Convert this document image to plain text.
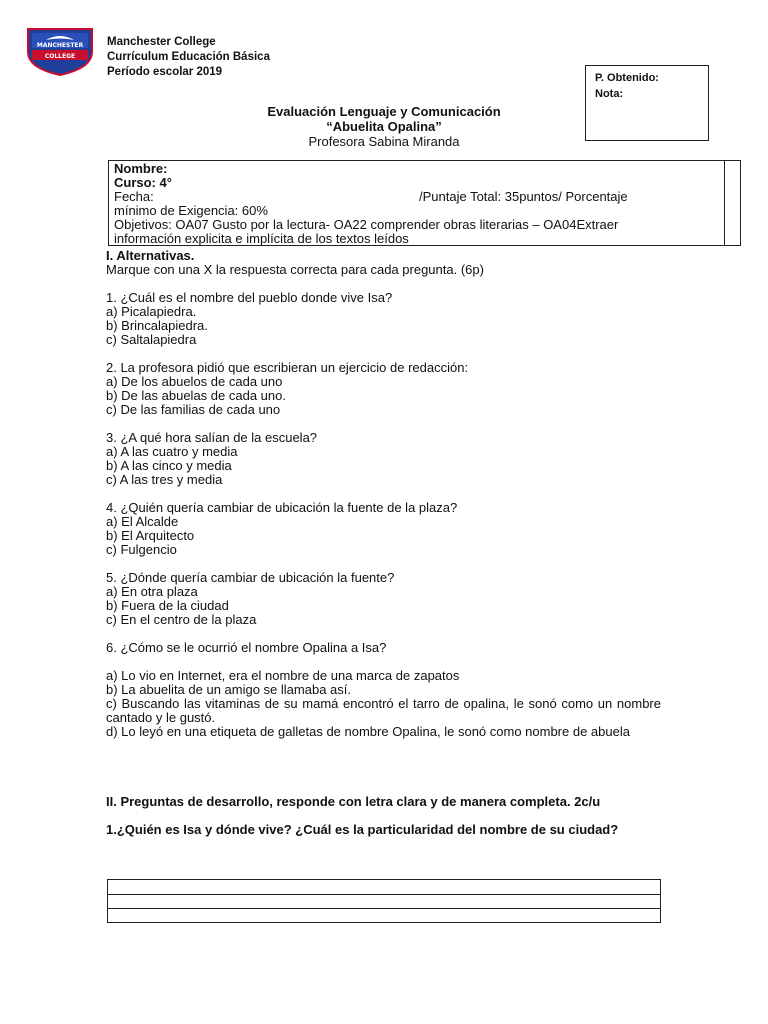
MANCHESTER
COLLEGE
Manchester College
Currículum Educación Básica
Período escolar 2019	P. Obtenido:
Nota:
Evaluación Lenguaje y Comunicación
“Abuelita Opalina”
Profesora Sabina Miranda
Nombre:
Curso: 4°
Fecha:	/Puntaje Total: 35puntos/ Porcentaje
mínimo de Exigencia: 60%
Objetivos: OA07 Gusto por la lectura- OA22 comprender obras literarias – OA04Extraer
información explicita e implícita de los textos leídos

I. Alternativas.

Marque con una X la respuesta correcta para cada pregunta. (6p)

1. ¿Cuál es el nombre del pueblo donde vive Isa?

a) Picalapiedra.

b) Brincalapiedra.

c) Saltalapiedra

2. La profesora pidió que escribieran un ejercicio de redacción:

a) De los abuelos de cada uno

b) De las abuelas de cada uno.

c) De las familias de cada uno

3. ¿A qué hora salían de la escuela?

a) A las cuatro y media

b) A las cinco y media

c) A las tres y media

4. ¿Quién quería cambiar de ubicación la fuente de la plaza?

a) El Alcalde

b) El Arquitecto

c) Fulgencio

5. ¿Dónde quería cambiar de ubicación la fuente?

a) En otra plaza

b) Fuera de la ciudad

c) En el centro de la plaza

6. ¿Cómo se le ocurrió el nombre Opalina a Isa?

a) Lo vio en Internet, era el nombre de una marca de zapatos

b) La abuelita de un amigo se llamaba así.

c) Buscando las vitaminas de su mamá encontró el tarro de opalina, le sonó como un nombre cantado y le gustó.

d) Lo leyó en una etiqueta de galletas de nombre Opalina, le sonó como nombre de abuela

II. Preguntas de desarrollo, responde con letra clara y de manera completa. 2c/u

1.¿Quién es Isa y dónde vive? ¿Cuál es la particularidad del nombre de su ciudad?
